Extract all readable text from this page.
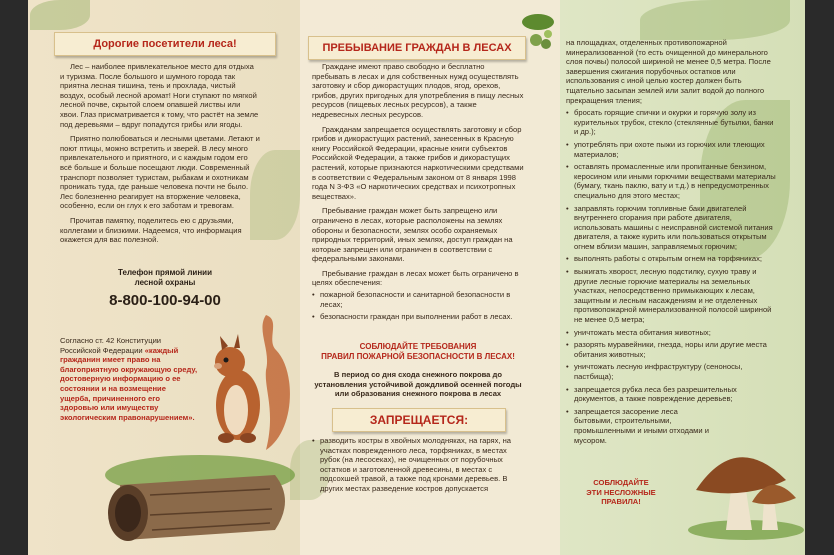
Дорогие посетители леса!

Лес – наиболее привлекательное место для отдыха и туризма. После большого и шумного города так приятна лесная тишина, тень и прохлада, чистый воздух, особый лесной аромат! Ноги ступают по мягкой лесной почве, скрытой слоем опавшей листвы или хвои. Глаз присматривается к тому, что растёт на земле под деревьями – вдруг попадутся грибы или ягоды.

Приятно полюбоваться и лесными цветами. Летают и поют птицы, можно встретить и зверей. В лесу много привлекательного и приятного, и с каждым годом его всё больше и больше посещают люди. Современный транспорт позволяет туристам, рыбакам и охотникам проникать туда, где раньше человека почти не было. Лес болезненно реагирует на вторжение человека, особенно, если он глух к его заботам и тревогам.

Прочитав памятку, поделитесь ею с друзьями, коллегами и близкими. Надеемся, что информация окажется для вас полезной.

Телефон прямой линии
лесной охраны
8-800-100-94-00
Согласно ст. 42 Конституции Российской Федерации «каждый гражданин имеет право на благоприятную окружающую среду, достоверную информацию о ее состоянии и на возмещение ущерба, причиненного его здоровью или имуществу экологическим правонарушением».
ПРЕБЫВАНИЕ ГРАЖДАН В ЛЕСАХ

Граждане имеют право свободно и бесплатно пребывать в лесах и для собственных нужд осуществлять заготовку и сбор дикорастущих плодов, ягод, орехов, грибов, других пригодных для употребления в пищу лесных ресурсов (пищевых лесных ресурсов), а также недревесных лесных ресурсов.

Гражданам запрещается осуществлять заготовку и сбор грибов и дикорастущих растений, занесенных в Красную книгу Российской Федерации, красные книги субъектов Российской Федерации, а также грибов и дикорастущих растений, которые признаются наркотическими средствами в соответствии с Федеральным законом от 8 января 1998 года N 3-ФЗ «О наркотических средствах и психотропных веществах».

Пребывание граждан может быть запрещено или ограничено в лесах, которые расположены на землях обороны и безопасности, землях особо охраняемых природных территорий, иных землях, доступ граждан на которые запрещен или ограничен в соответствии с федеральными законами.

Пребывание граждан в лесах может быть ограничено в целях обеспечения:

• пожарной безопасности и санитарной безопасности в лесах;
• безопасности граждан при выполнении работ в лесах.
СОБЛЮДАЙТЕ ТРЕБОВАНИЯ
ПРАВИЛ ПОЖАРНОЙ БЕЗОПАСНОСТИ В ЛЕСАХ!
В период со дня схода снежного покрова до установления устойчивой дождливой осенней погоды или образования снежного покрова в лесах
ЗАПРЕЩАЕТСЯ:
• разводить костры в хвойных молодняках, на гарях, на участках поврежденного леса, торфяниках, в местах рубок (на лесосеках), не очищенных от порубочных остатков и заготовленной древесины, в местах с подсохшей травой, а также под кронами деревьев. В других местах разведение костров допускается

на площадках, отделенных противопожарной минерализованной (то есть очищенной до минерального слоя почвы) полосой шириной не менее 0,5 метра. После завершения сжигания порубочных остатков или использования с иной целью костер должен быть тщательно засыпан землей или залит водой до полного прекращения тления;

• бросать горящие спички и окурки и горячую золу из курительных трубок, стекло (стеклянные бутылки, банки и др.);
• употреблять при охоте пыжи из горючих или тлеющих материалов;
• оставлять промасленные или пропитанные бензином, керосином или иными горючими веществами материалы (бумагу, ткань паклю, вату и т.д.) в непредусмотренных специально для этого местах;
• заправлять горючим топливные баки двигателей внутреннего сгорания при работе двигателя, использовать машины с неисправной системой питания двигателя, а также курить или пользоваться открытым огнем вблизи машин, заправляемых горючим;
• выполнять работы с открытым огнем на торфяниках;
• выжигать хворост, лесную подстилку, сухую траву и другие лесные горючие материалы на земельных участках, непосредственно примыкающих к лесам, защитным и лесным насаждениям и не отделенных противопожарной минерализованной полосой шириной не менее 0,5 метра;
• уничтожать места обитания животных;
• разорять муравейники, гнезда, норы или другие места обитания животных;
• уничтожать лесную инфраструктуру (сеноносы, пастбища);
• запрещается рубка леса без разрешительных документов, а также повреждение деревьев;
• запрещается засорение леса бытовыми, строительными, промышленными и иными отходами и мусором.
СОБЛЮДАЙТЕ
ЭТИ НЕСЛОЖНЫЕ ПРАВИЛА!
